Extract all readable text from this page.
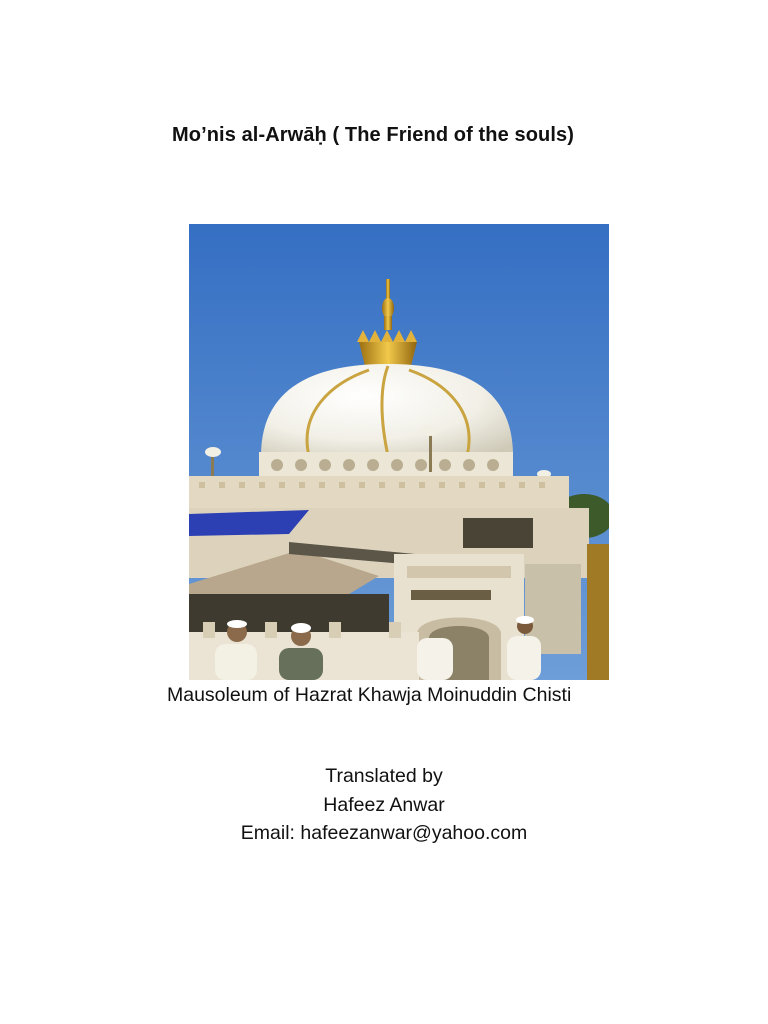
Mo’nis al-Arwāḥ ( The Friend of the souls)
Mausoleum of Hazrat Khawja Moinuddin Chisti
Translated by
Hafeez Anwar
Email: hafeezanwar@yahoo.com
